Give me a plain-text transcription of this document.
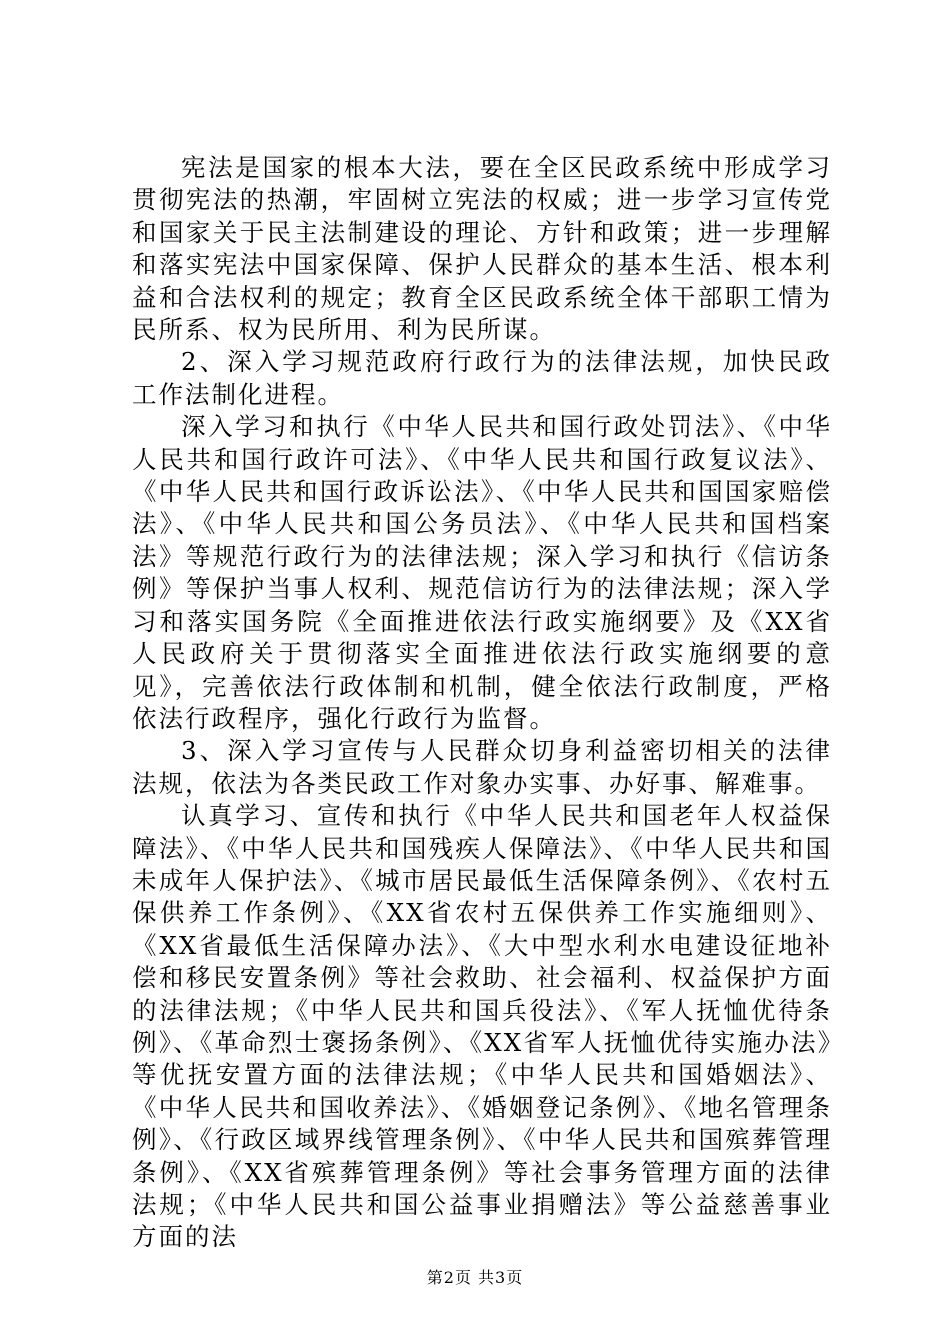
宪法是国家的根本大法，要在全区民政系统中形成学习贯彻宪法的热潮，牢固树立宪法的权威；进一步学习宣传党和国家关于民主法制建设的理论、方针和政策；进一步理解和落实宪法中国家保障、保护人民群众的基本生活、根本利益和合法权利的规定；教育全区民政系统全体干部职工情为民所系、权为民所用、利为民所谋。

2、深入学习规范政府行政行为的法律法规，加快民政工作法制化进程。

深入学习和执行《中华人民共和国行政处罚法》、《中华人民共和国行政许可法》、《中华人民共和国行政复议法》、《中华人民共和国行政诉讼法》、《中华人民共和国国家赔偿法》、《中华人民共和国公务员法》、《中华人民共和国档案法》等规范行政行为的法律法规；深入学习和执行《信访条例》等保护当事人权利、规范信访行为的法律法规；深入学习和落实国务院《全面推进依法行政实施纲要》及《XX省人民政府关于贯彻落实全面推进依法行政实施纲要的意见》，完善依法行政体制和机制，健全依法行政制度，严格依法行政程序，强化行政行为监督。

3、深入学习宣传与人民群众切身利益密切相关的法律法规，依法为各类民政工作对象办实事、办好事、解难事。

认真学习、宣传和执行《中华人民共和国老年人权益保障法》、《中华人民共和国残疾人保障法》、《中华人民共和国未成年人保护法》、《城市居民最低生活保障条例》、《农村五保供养工作条例》、《XX省农村五保供养工作实施细则》、《XX省最低生活保障办法》、《大中型水利水电建设征地补偿和移民安置条例》等社会救助、社会福利、权益保护方面的法律法规；《中华人民共和国兵役法》、《军人抚恤优待条例》、《革命烈士褒扬条例》、《XX省军人抚恤优待实施办法》等优抚安置方面的法律法规；《中华人民共和国婚姻法》、《中华人民共和国收养法》、《婚姻登记条例》、《地名管理条例》、《行政区域界线管理条例》、《中华人民共和国殡葬管理条例》、《XX省殡葬管理条例》等社会事务管理方面的法律法规；《中华人民共和国公益事业捐赠法》等公益慈善事业方面的法

第2页 共3页
